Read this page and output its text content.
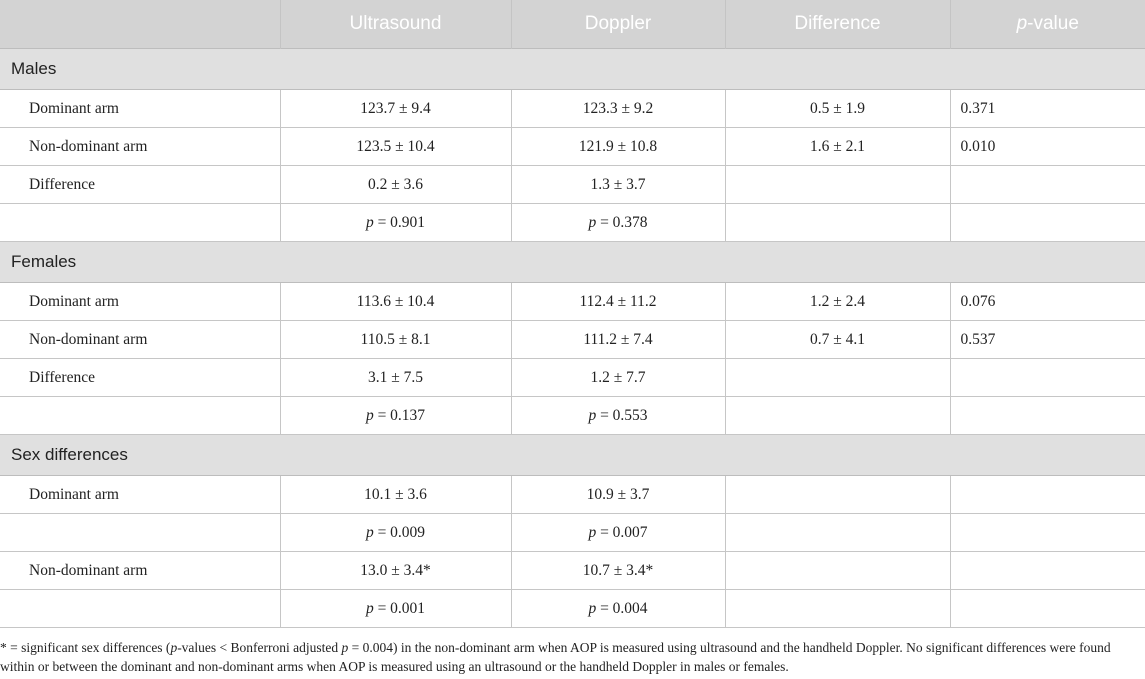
	Ultrasound	Doppler	Difference	p-value
Males				
Dominant arm	123.7 ± 9.4	123.3 ± 9.2	0.5 ± 1.9	0.371
Non-dominant arm	123.5 ± 10.4	121.9 ± 10.8	1.6 ± 2.1	0.010
Difference	0.2 ± 3.6	1.3 ± 3.7		
	p = 0.901	p = 0.378		
Females				
Dominant arm	113.6 ± 10.4	112.4 ± 11.2	1.2 ± 2.4	0.076
Non-dominant arm	110.5 ± 8.1	111.2 ± 7.4	0.7 ± 4.1	0.537
Difference	3.1 ± 7.5	1.2 ± 7.7		
	p = 0.137	p = 0.553		
Sex differences				
Dominant arm	10.1 ± 3.6	10.9 ± 3.7		
	p = 0.009	p = 0.007		
Non-dominant arm	13.0 ± 3.4*	10.7 ± 3.4*		
	p = 0.001	p = 0.004		
* = significant sex differences (p-values < Bonferroni adjusted p = 0.004) in the non-dominant arm when AOP is measured using ultrasound and the handheld Doppler. No significant differences were found within or between the dominant and non-dominant arms when AOP is measured using an ultrasound or the handheld Doppler in males or females.
